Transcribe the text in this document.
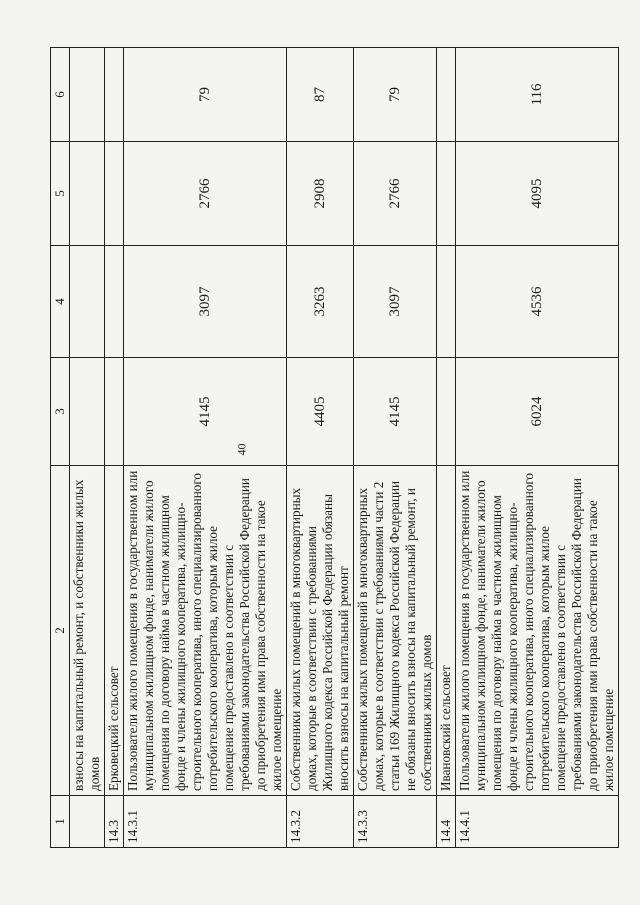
40
1	2	3	4	5	6
	взносы на капитальный ремонт, и собственники жилых домов				
14.3	Ерковецкий сельсовет				
14.3.1	Пользователи жилого помещения в государственном или муниципальном жилищном фонде, наниматели жилого помещения по договору найма в частном жилищном фонде и члены жилищного кооператива, жилищно-строительного кооператива, иного специализированного потребительского кооператива, которым жилое помещение предоставлено в соответствии с требованиями законодательства Российской Федерации до приобретения ими права собственности на такое жилое помещение	4145	3097	2766	79
14.3.2	Собственники жилых помещений в многоквартирных домах, которые в соответствии с требованиями Жилищного кодекса Российской Федерации обязаны вносить взносы на капитальный ремонт	4405	3263	2908	87
14.3.3	Собственники жилых помещений в многоквартирных домах, которые в соответствии с требованиями части 2 статьи 169 Жилищного кодекса Российской Федерации не обязаны вносить взносы на капитальный ремонт, и собственники жилых домов	4145	3097	2766	79
14.4	Ивановский сельсовет				
14.4.1	Пользователи жилого помещения в государственном или муниципальном жилищном фонде, наниматели жилого помещения по договору найма в частном жилищном фонде и члены жилищного кооператива, жилищно-строительного кооператива, иного специализированного потребительского кооператива, которым жилое помещение предоставлено в соответствии с требованиями законодательства Российской Федерации до приобретения ими права собственности на такое жилое помещение	6024	4536	4095	116
